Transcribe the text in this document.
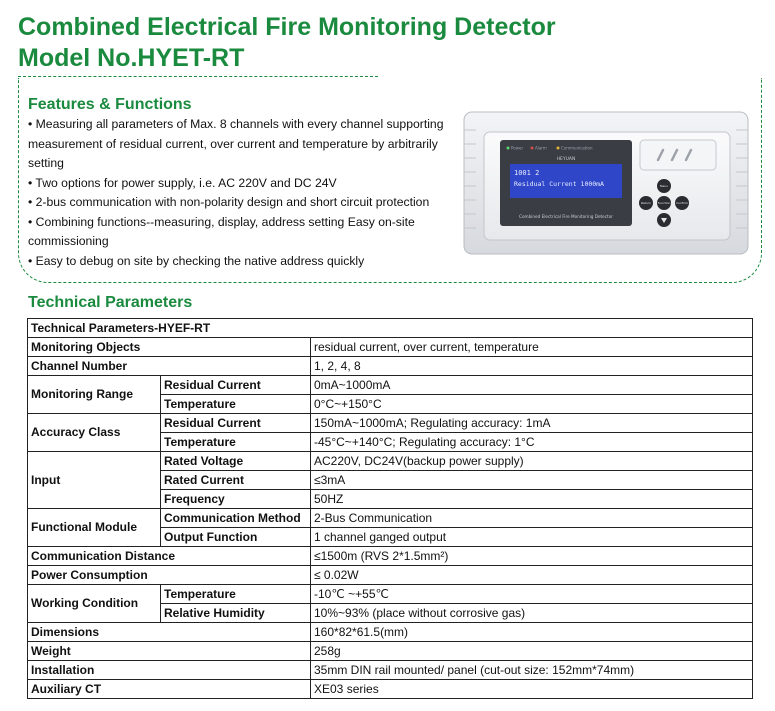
Combined Electrical Fire Monitoring Detector
Model No.HYET-RT
Features & Functions
• Measuring all parameters of Max. 8 channels with every channel supporting
measurement of residual current, over current and temperature by arbitrarily
setting
• Two options for power supply, i.e. AC 220V and DC 24V
• 2-bus communication with non-polarity design and short circuit protection
• Combining functions--measuring, display, address setting Easy on-site
commissioning
• Easy to debug on site by checking the native address quickly
Power	Alarm	Communication
1001 2
Residual Current 1000mA
Combined Electrical Fire Monitoring Detector
HEYUAN
Menu
Return Function Confirm
Technical Parameters
Technical Parameters-HYEF-RT		
Monitoring Objects		residual current, over current, temperature
Channel Number		1, 2, 4, 8
Monitoring Range	Residual Current	0mA~1000mA
	Temperature	0°C~+150°C
Accuracy Class	Residual Current	150mA~1000mA; Regulating accuracy: 1mA
	Temperature	-45°C~+140°C; Regulating accuracy: 1°C
Input	Rated Voltage	AC220V, DC24V(backup power supply)
	Rated Current	≤3mA
	Frequency	50HZ
Functional Module	Communication Method	2-Bus Communication
	Output Function	1 channel ganged output
Communication Distance		≤1500m (RVS 2*1.5mm²)
Power Consumption		≤ 0.02W
Working Condition	Temperature	-10℃ ~+55℃
	Relative Humidity	10%~93% (place without corrosive gas)
Dimensions		160*82*61.5(mm)
Weight		258g
Installation		35mm DIN rail mounted/ panel (cut-out size: 152mm*74mm)
Auxiliary CT		XE03 series
